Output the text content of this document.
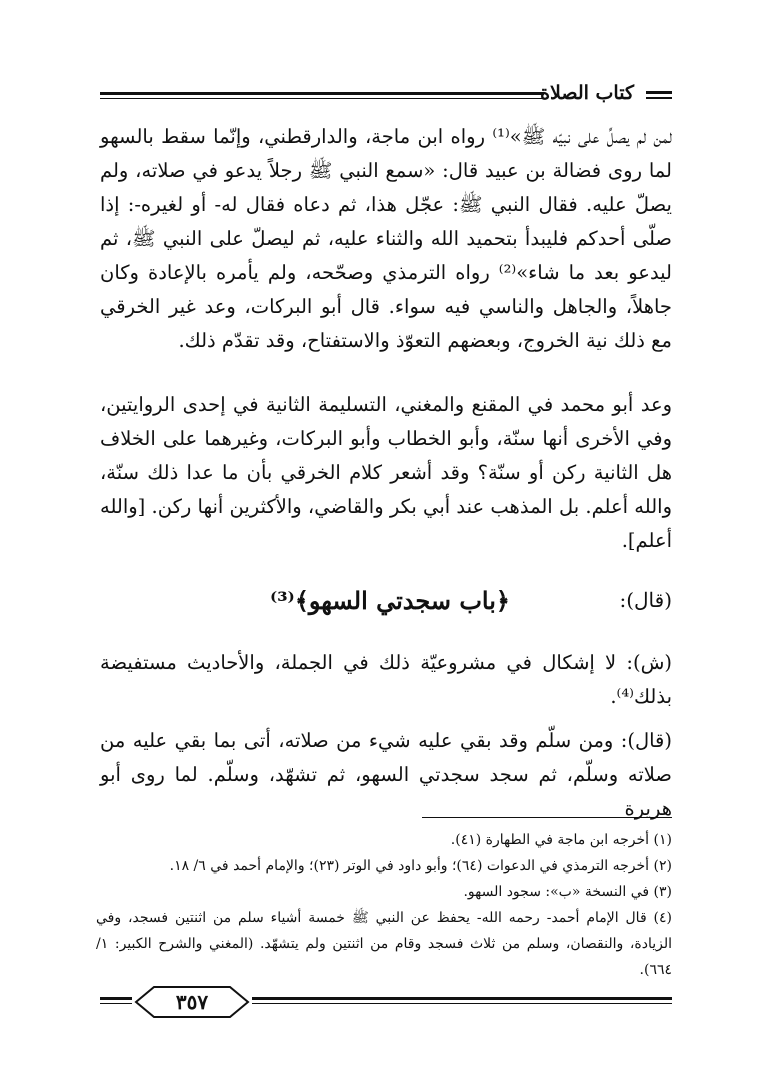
كتاب الصلاة
لمن لم يصلِّ على نبيّه ﷺ»⁽¹⁾ رواه ابن ماجة، والدارقطني، وإنّما سقط بالسهو لما روى فضالة بن عبيد قال: «سمع النبي ﷺ رجلاً يدعو في صلاته، ولم يصلّ عليه. فقال النبي ﷺ: عجّل هذا، ثم دعاه فقال له- أو لغيره-: إذا صلّى أحدكم فليبدأ بتحميد الله والثناء عليه، ثم ليصلّ على النبي ﷺ، ثم ليدعو بعد ما شاء»⁽²⁾ رواه الترمذي وصحّحه، ولم يأمره بالإعادة وكان جاهلاً، والجاهل والناسي فيه سواء. قال أبو البركات، وعد غير الخرقي مع ذلك نية الخروج، وبعضهم التعوّذ والاستفتاح، وقد تقدّم ذلك.
وعد أبو محمد في المقنع والمغني، التسليمة الثانية في إحدى الروايتين، وفي الأخرى أنها سنّة، وأبو الخطاب وأبو البركات، وغيرهما على الخلاف هل الثانية ركن أو سنّة؟ وقد أشعر كلام الخرقي بأن ما عدا ذلك سنّة، والله أعلم. بل المذهب عند أبي بكر والقاضي، والأكثرين أنها ركن. [والله أعلم].
(قال):
﴿باب سجدتي السهو﴾⁽³⁾
(ش): لا إشكال في مشروعيّة ذلك في الجملة، والأحاديث مستفيضة بذلك⁽⁴⁾.
(قال): ومن سلّم وقد بقي عليه شيء من صلاته، أتى بما بقي عليه من صلاته وسلّم، ثم سجد سجدتي السهو، ثم تشهّد، وسلّم. لما روى أبو هريرة
(١) أخرجه ابن ماجة في الطهارة (٤١).
(٢) أخرجه الترمذي في الدعوات (٦٤)؛ وأبو داود في الوتر (٢٣)؛ والإمام أحمد في ٦/ ١٨.
(٣) في النسخة «ب»: سجود السهو.
(٤) قال الإمام أحمد- رحمه الله- يحفظ عن النبي ﷺ خمسة أشياء سلم من اثنتين فسجد، وفي الزيادة، والنقصان، وسلم من ثلاث فسجد وقام من اثنتين ولم يتشهّد. (المغني والشرح الكبير: ١/ ٦٦٤).
٣٥٧
